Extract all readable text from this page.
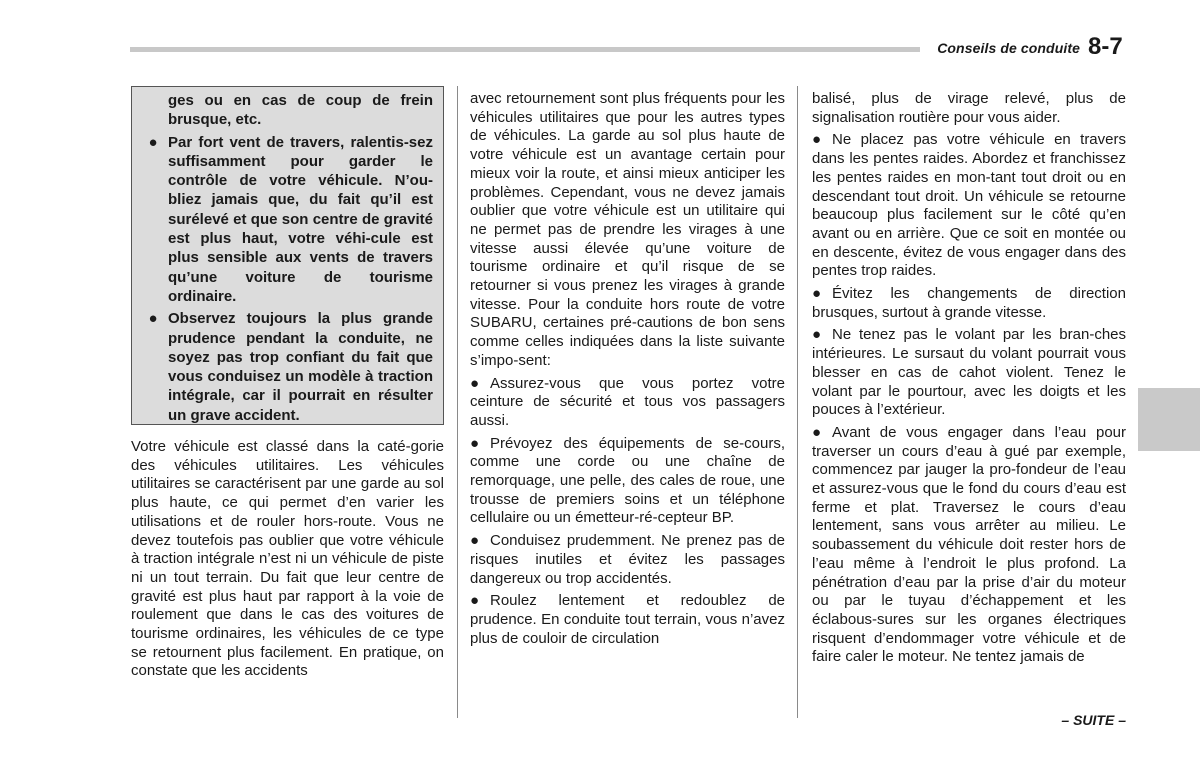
Conseils de conduite 8-7

ges ou en cas de coup de frein brusque, etc.

● Par fort vent de travers, ralentis-sez suffisamment pour garder le contrôle de votre véhicule. N’ou-bliez jamais que, du fait qu’il est surélevé et que son centre de gravité est plus haut, votre véhi-cule est plus sensible aux vents de travers qu’une voiture de tourisme ordinaire.
● Observez toujours la plus grande prudence pendant la conduite, ne soyez pas trop confiant du fait que vous conduisez un modèle à traction intégrale, car il pourrait en résulter un grave accident.

Votre véhicule est classé dans la caté-gorie des véhicules utilitaires. Les véhicules utilitaires se caractérisent par une garde au sol plus haute, ce qui permet d’en varier les utilisations et de rouler hors-route. Vous ne devez toutefois pas oublier que votre véhicule à traction intégrale n’est ni un véhicule de piste ni un tout terrain. Du fait que leur centre de gravité est plus haut par rapport à la voie de roulement que dans le cas des voitures de tourisme ordinaires, les véhicules de ce type se retournent plus facilement. En pratique, on constate que les accidents

avec retournement sont plus fréquents pour les véhicules utilitaires que pour les autres types de véhicules. La garde au sol plus haute de votre véhicule est un avantage certain pour mieux voir la route, et ainsi mieux anticiper les problèmes. Cependant, vous ne devez jamais oublier que votre véhicule est un utilitaire qui ne permet pas de prendre les virages à une vitesse aussi élevée qu’une voiture de tourisme ordinaire et qu’il risque de se retourner si vous prenez les virages à grande vitesse. Pour la conduite hors route de votre SUBARU, certaines pré-cautions de bon sens comme celles indiquées dans la liste suivante s’impo-sent:

● Assurez-vous que vous portez votre ceinture de sécurité et tous vos passagers aussi.

● Prévoyez des équipements de se-cours, comme une corde ou une chaîne de remorquage, une pelle, des cales de roue, une trousse de premiers soins et un téléphone cellulaire ou un émetteur-ré-cepteur BP.

● Conduisez prudemment. Ne prenez pas de risques inutiles et évitez les passages dangereux ou trop accidentés.

● Roulez lentement et redoublez de prudence. En conduite tout terrain, vous n’avez plus de couloir de circulation

balisé, plus de virage relevé, plus de signalisation routière pour vous aider.

● Ne placez pas votre véhicule en travers dans les pentes raides. Abordez et franchissez les pentes raides en mon-tant tout droit ou en descendant tout droit. Un véhicule se retourne beaucoup plus facilement sur le côté qu’en avant ou en arrière. Que ce soit en montée ou en descente, évitez de vous engager dans des pentes trop raides.

● Évitez les changements de direction brusques, surtout à grande vitesse.

● Ne tenez pas le volant par les bran-ches intérieures. Le sursaut du volant pourrait vous blesser en cas de cahot violent. Tenez le volant par le pourtour, avec les doigts et les pouces à l’extérieur.

● Avant de vous engager dans l’eau pour traverser un cours d’eau à gué par exemple, commencez par jauger la pro-fondeur de l’eau et assurez-vous que le fond du cours d’eau est ferme et plat. Traversez le cours d’eau lentement, sans vous arrêter au milieu. Le soubassement du véhicule doit rester hors de l’eau même à l’endroit le plus profond. La pénétration d’eau par la prise d’air du moteur ou par le tuyau d’échappement et les éclabous-sures sur les organes électriques risquent d’endommager votre véhicule et de faire caler le moteur. Ne tentez jamais de

– SUITE –
